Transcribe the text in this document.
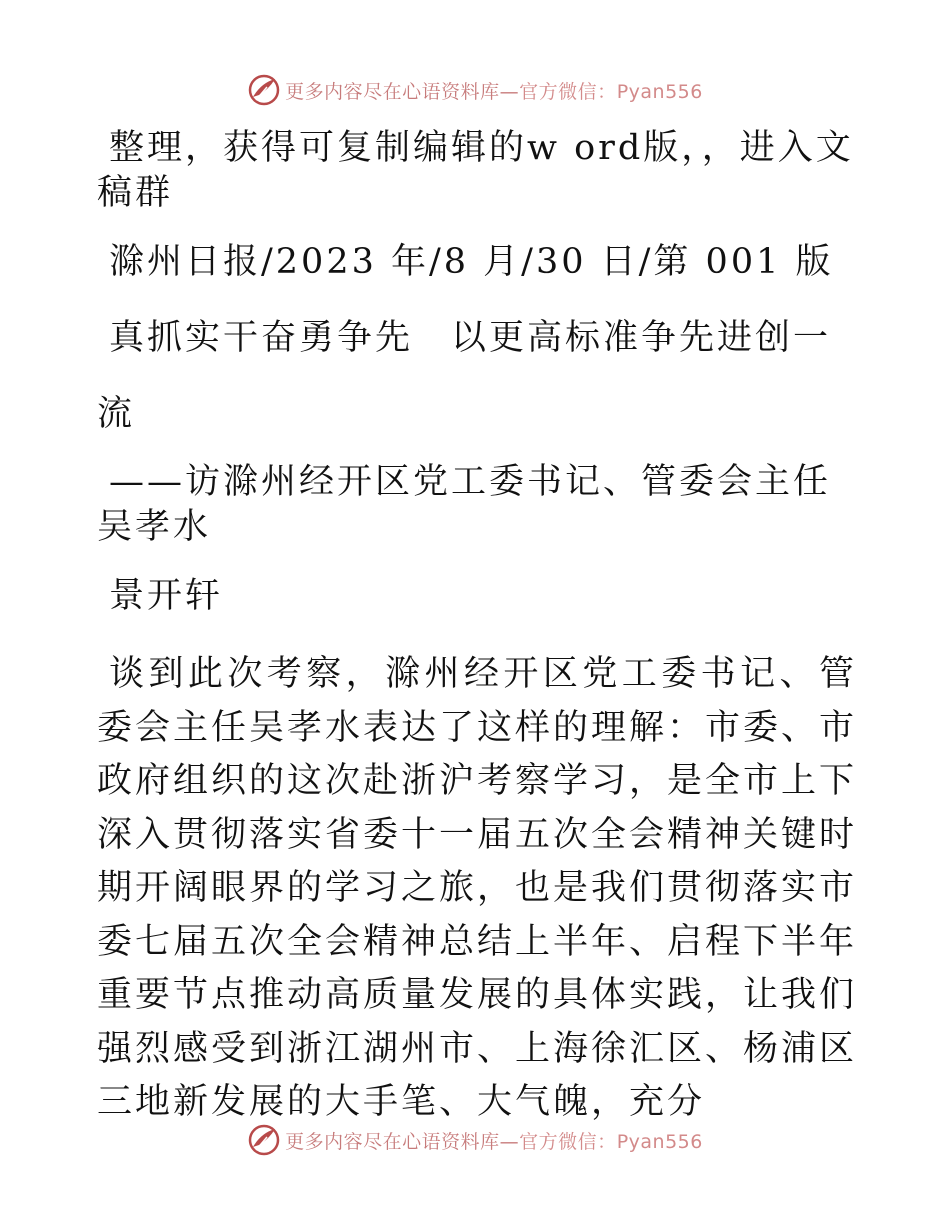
更多内容尽在心语资料库—官方微信：Pyan556

整理，获得可复制编辑的w ord版，，进入文稿群

滁州日报/2023 年/8 月/30 日/第 001 版

真抓实干奋勇争先　以更高标准争先进创一流

——访滁州经开区党工委书记、管委会主任吴孝水

景开轩

谈到此次考察，滁州经开区党工委书记、管委会主任吴孝水表达了这样的理解：市委、市政府组织的这次赴浙沪考察学习，是全市上下深入贯彻落实省委十一届五次全会精神关键时期开阔眼界的学习之旅，也是我们贯彻落实市委七届五次全会精神总结上半年、启程下半年重要节点推动高质量发展的具体实践，让我们强烈感受到浙江湖州市、上海徐汇区、杨浦区三地新发展的大手笔、大气魄，充分

更多内容尽在心语资料库—官方微信：Pyan556
